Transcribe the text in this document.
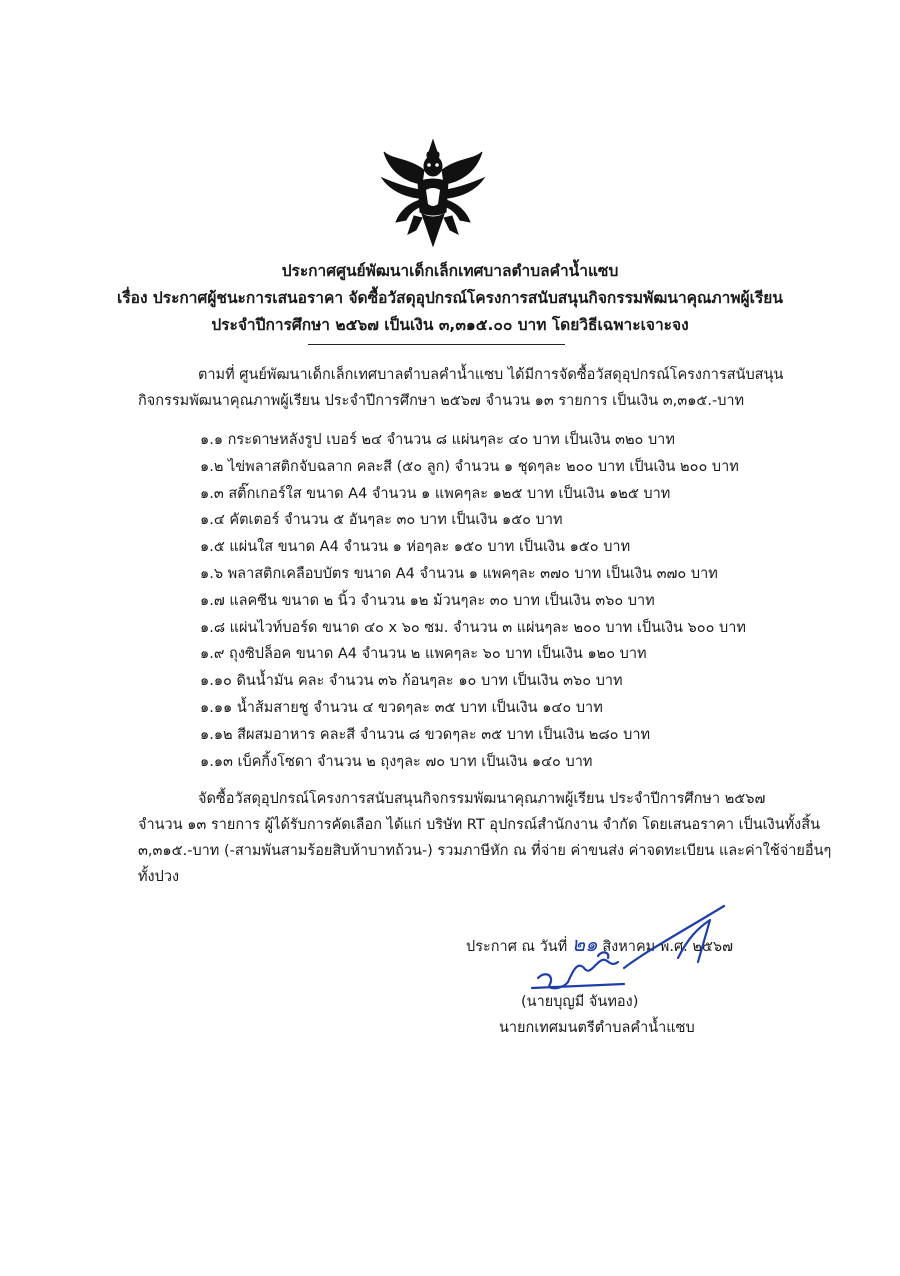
ประกาศศูนย์พัฒนาเด็กเล็กเทศบาลตำบลคำน้ำแซบ
เรื่อง ประกาศผู้ชนะการเสนอราคา จัดซื้อวัสดุอุปกรณ์โครงการสนับสนุนกิจกรรมพัฒนาคุณภาพผู้เรียน
ประจำปีการศึกษา ๒๕๖๗ เป็นเงิน ๓,๓๑๕.๐๐ บาท โดยวิธีเฉพาะเจาะจง
ตามที่ ศูนย์พัฒนาเด็กเล็กเทศบาลตำบลคำน้ำแซบ ได้มีการจัดซื้อวัสดุอุปกรณ์โครงการสนับสนุน
กิจกรรมพัฒนาคุณภาพผู้เรียน ประจำปีการศึกษา ๒๕๖๗ จำนวน ๑๓ รายการ เป็นเงิน ๓,๓๑๕.-บาท
๑.๑ กระดาษหลังรูป เบอร์ ๒๔ จำนวน ๘ แผ่นๆละ ๔๐ บาท เป็นเงิน ๓๒๐ บาท
๑.๒ ไข่พลาสติกจับฉลาก คละสี (๕๐ ลูก) จำนวน ๑ ชุดๆละ ๒๐๐ บาท เป็นเงิน ๒๐๐ บาท
๑.๓ สติ๊กเกอร์ใส ขนาด A4 จำนวน ๑ แพคๆละ ๑๒๕ บาท เป็นเงิน ๑๒๕ บาท
๑.๔ คัตเตอร์ จำนวน ๕ อันๆละ ๓๐ บาท เป็นเงิน ๑๕๐ บาท
๑.๕ แผ่นใส ขนาด A4 จำนวน ๑ ห่อๆละ ๑๕๐ บาท เป็นเงิน ๑๕๐ บาท
๑.๖ พลาสติกเคลือบบัตร ขนาด A4 จำนวน ๑ แพคๆละ ๓๗๐ บาท เป็นเงิน ๓๗๐ บาท
๑.๗ แลคซีน ขนาด ๒ นิ้ว จำนวน ๑๒ ม้วนๆละ ๓๐ บาท เป็นเงิน ๓๖๐ บาท
๑.๘ แผ่นไวท์บอร์ด ขนาด ๔๐ x ๖๐ ซม. จำนวน ๓ แผ่นๆละ ๒๐๐ บาท เป็นเงิน ๖๐๐ บาท
๑.๙ ถุงซิปล็อค ขนาด A4 จำนวน ๒ แพคๆละ ๖๐ บาท เป็นเงิน ๑๒๐ บาท
๑.๑๐ ดินน้ำมัน คละ จำนวน ๓๖ ก้อนๆละ ๑๐ บาท เป็นเงิน ๓๖๐ บาท
๑.๑๑ น้ำส้มสายชู จำนวน ๔ ขวดๆละ ๓๕ บาท เป็นเงิน ๑๔๐ บาท
๑.๑๒ สีผสมอาหาร คละสี จำนวน ๘ ขวดๆละ ๓๕ บาท เป็นเงิน ๒๘๐ บาท
๑.๑๓ เบ็คกิ้งโซดา จำนวน ๒ ถุงๆละ ๗๐ บาท เป็นเงิน ๑๔๐ บาท
จัดซื้อวัสดุอุปกรณ์โครงการสนับสนุนกิจกรรมพัฒนาคุณภาพผู้เรียน ประจำปีการศึกษา ๒๕๖๗
จำนวน ๑๓ รายการ ผู้ได้รับการคัดเลือก ได้แก่ บริษัท RT อุปกรณ์สำนักงาน จำกัด โดยเสนอราคา เป็นเงินทั้งสิ้น
๓,๓๑๕.-บาท (-สามพันสามร้อยสิบห้าบาทถ้วน-) รวมภาษีหัก ณ ที่จ่าย ค่าขนส่ง ค่าจดทะเบียน และค่าใช้จ่ายอื่นๆ
ทั้งปวง
ประกาศ ณ วันที่ ๒๑ สิงหาคม พ.ศ. ๒๕๖๗
(นายบุญมี จันทอง)
นายกเทศมนตรีตำบลคำน้ำแซบ
